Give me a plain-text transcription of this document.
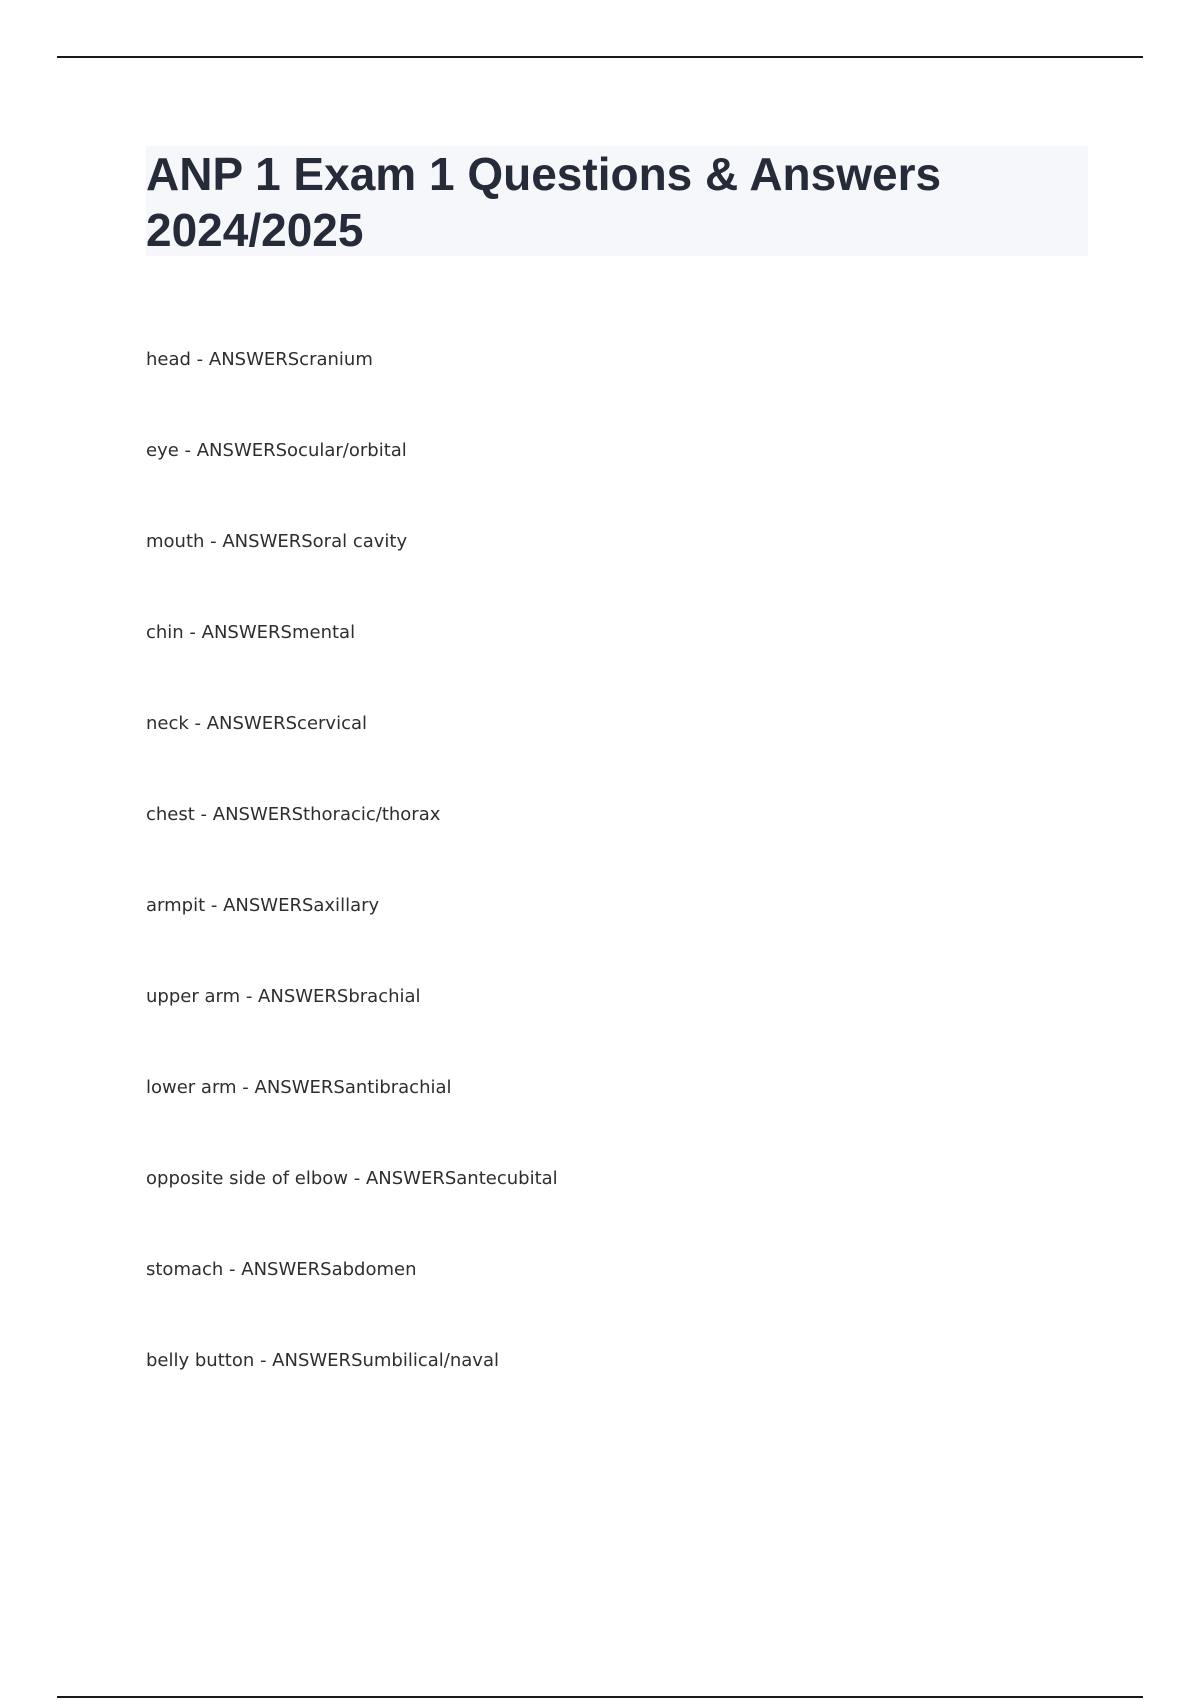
ANP 1 Exam 1 Questions & Answers 2024/2025
head - ANSWERScranium
eye - ANSWERSocular/orbital
mouth - ANSWERSoral cavity
chin - ANSWERSmental
neck - ANSWERScervical
chest - ANSWERSthoracic/thorax
armpit - ANSWERSaxillary
upper arm - ANSWERSbrachial
lower arm - ANSWERSantibrachial
opposite side of elbow - ANSWERSantecubital
stomach - ANSWERSabdomen
belly button - ANSWERSumbilical/naval
